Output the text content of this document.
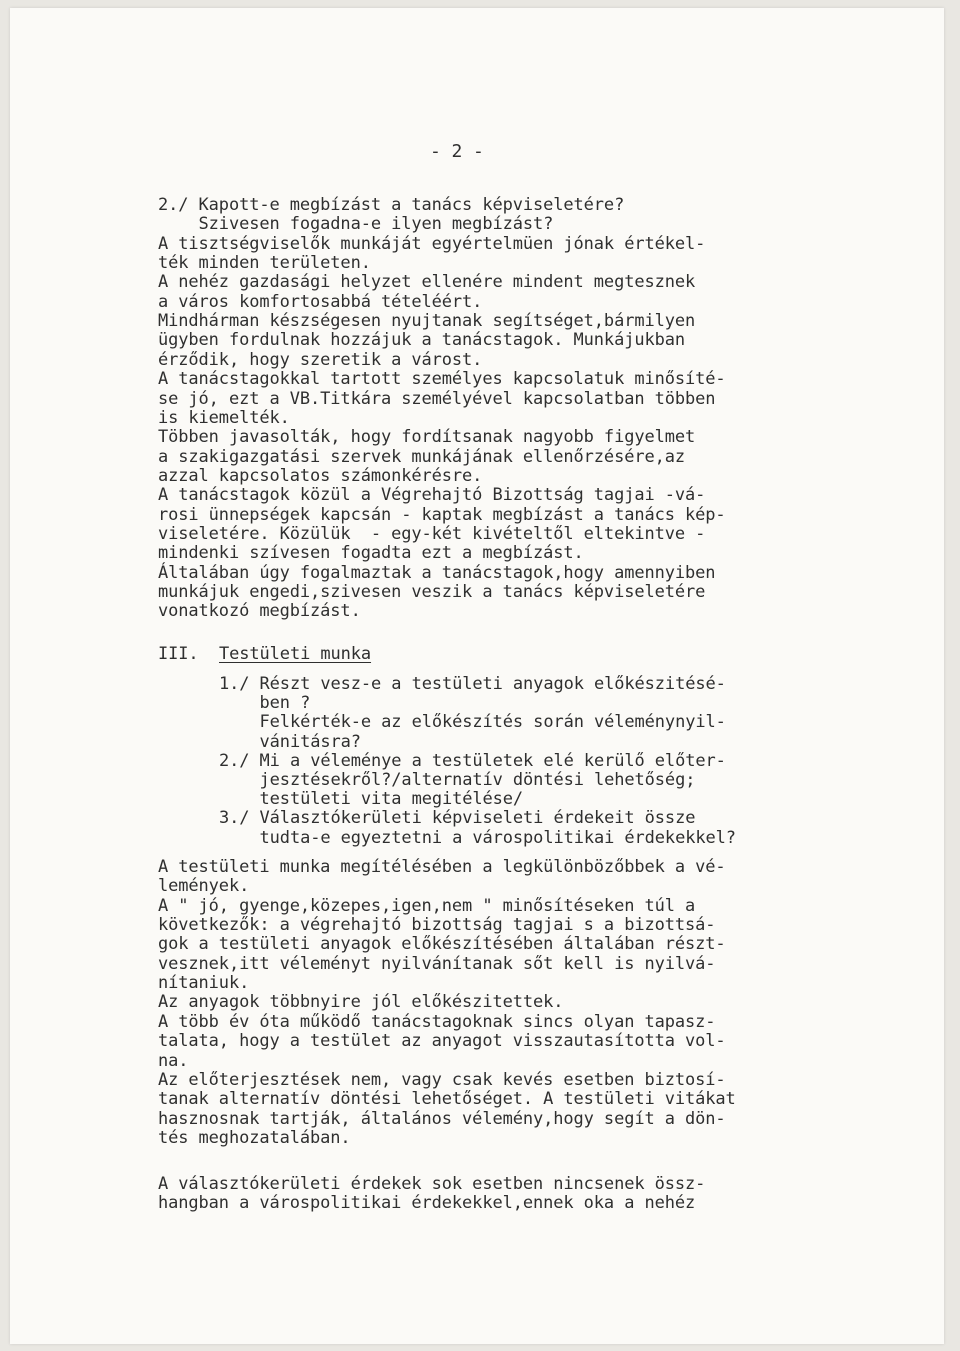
- 2 -
2./ Kapott-e megbízást a tanács képviseletére?
Szivesen fogadna-e ilyen megbízást?
A tisztségviselők munkáját egyértelmüen jónak értékel-
ték minden területen.
A nehéz gazdasági helyzet ellenére mindent megtesznek
a város komfortosabbá tételéért.
Mindhárman készségesen nyujtanak segítséget,bármilyen
ügyben fordulnak hozzájuk a tanácstagok. Munkájukban
érződik, hogy szeretik a várost.
A tanácstagokkal tartott személyes kapcsolatuk minősíté-
se jó, ezt a VB.Titkára személyével kapcsolatban többen
is kiemelték.
Többen javasolták, hogy fordítsanak nagyobb figyelmet
a szakigazgatási szervek munkájának ellenőrzésére,az
azzal kapcsolatos számonkérésre.
A tanácstagok közül a Végrehajtó Bizottság tagjai -vá-
rosi ünnepségek kapcsán - kaptak megbízást a tanács kép-
viseletére. Közülük  - egy-két kivételtől eltekintve -
mindenki szívesen fogadta ezt a megbízást.
Általában úgy fogalmaztak a tanácstagok,hogy amennyiben
munkájuk engedi,szivesen veszik a tanács képviseletére
vonatkozó megbízást.
III. Testületi munka
1./ Részt vesz-e a testületi anyagok előkészitésé-
ben ?
Felkérték-e az előkészítés során véleménynyil-
vánitásra?
2./ Mi a véleménye a testületek elé kerülő előter-
jesztésekről?/alternatív döntési lehetőség;
testületi vita megitélése/
3./ Választókerületi képviseleti érdekeit össze
tudta-e egyeztetni a várospolitikai érdekekkel?
A testületi munka megítélésében a legkülönbözőbbek a vé-
lemények.
A " jó, gyenge,közepes,igen,nem " minősítéseken túl a
következők: a végrehajtó bizottság tagjai s a bizottsá-
gok a testületi anyagok előkészítésében általában részt-
vesznek,itt véleményt nyilvánítanak sőt kell is nyilvá-
nítaniuk.
Az anyagok többnyire jól előkészitettek.
A több év óta működő tanácstagoknak sincs olyan tapasz-
talata, hogy a testület az anyagot visszautasította vol-
na.
Az előterjesztések nem, vagy csak kevés esetben biztosí-
tanak alternatív döntési lehetőséget. A testületi vitákat
hasznosnak tartják, általános vélemény,hogy segít a dön-
tés meghozatalában.
A választókerületi érdekek sok esetben nincsenek össz-
hangban a várospolitikai érdekekkel,ennek oka a nehéz
